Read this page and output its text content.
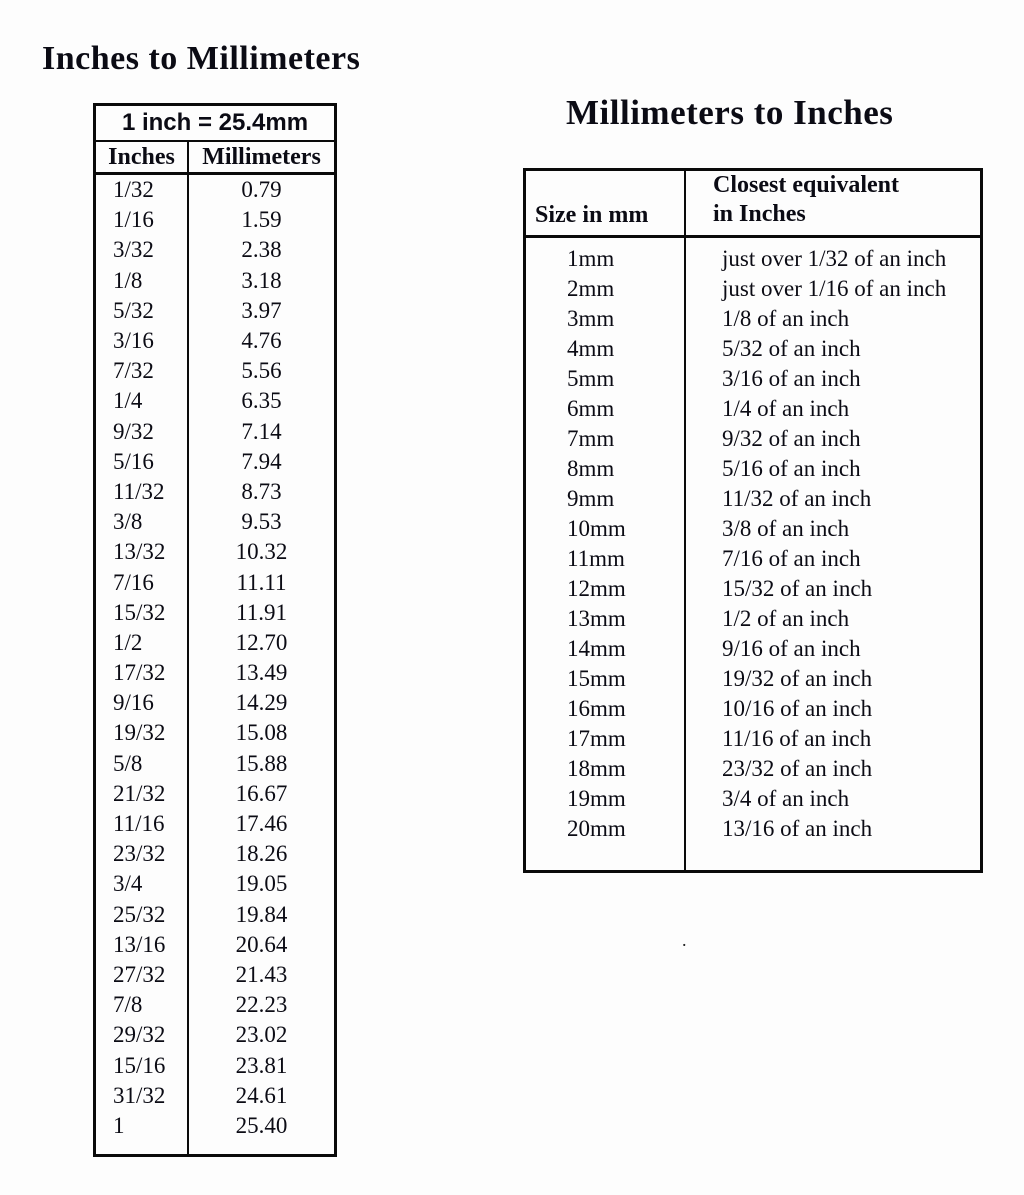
Inches to Millimeters
Millimeters to Inches
1 inch = 25.4mm
Inches	Millimeters
1/32	0.79
1/16	1.59
3/32	2.38
1/8	3.18
5/32	3.97
3/16	4.76
7/32	5.56
1/4	6.35
9/32	7.14
5/16	7.94
11/32	8.73
3/8	9.53
13/32	10.32
7/16	11.11
15/32	11.91
1/2	12.70
17/32	13.49
9/16	14.29
19/32	15.08
5/8	15.88
21/32	16.67
11/16	17.46
23/32	18.26
3/4	19.05
25/32	19.84
13/16	20.64
27/32	21.43
7/8	22.23
29/32	23.02
15/16	23.81
31/32	24.61
1	25.40
Size in mm
Closest equivalent
in Inches
1mm	just over 1/32 of an inch
2mm	just over 1/16 of an inch
3mm	1/8 of an inch
4mm	5/32 of an inch
5mm	3/16 of an inch
6mm	1/4 of an inch
7mm	9/32 of an inch
8mm	5/16 of an inch
9mm	11/32 of an inch
10mm	3/8 of an inch
11mm	7/16 of an inch
12mm	15/32 of an inch
13mm	1/2 of an inch
14mm	9/16 of an inch
15mm	19/32 of an inch
16mm	10/16 of an inch
17mm	11/16 of an inch
18mm	23/32 of an inch
19mm	3/4 of an inch
20mm	13/16 of an inch
.
